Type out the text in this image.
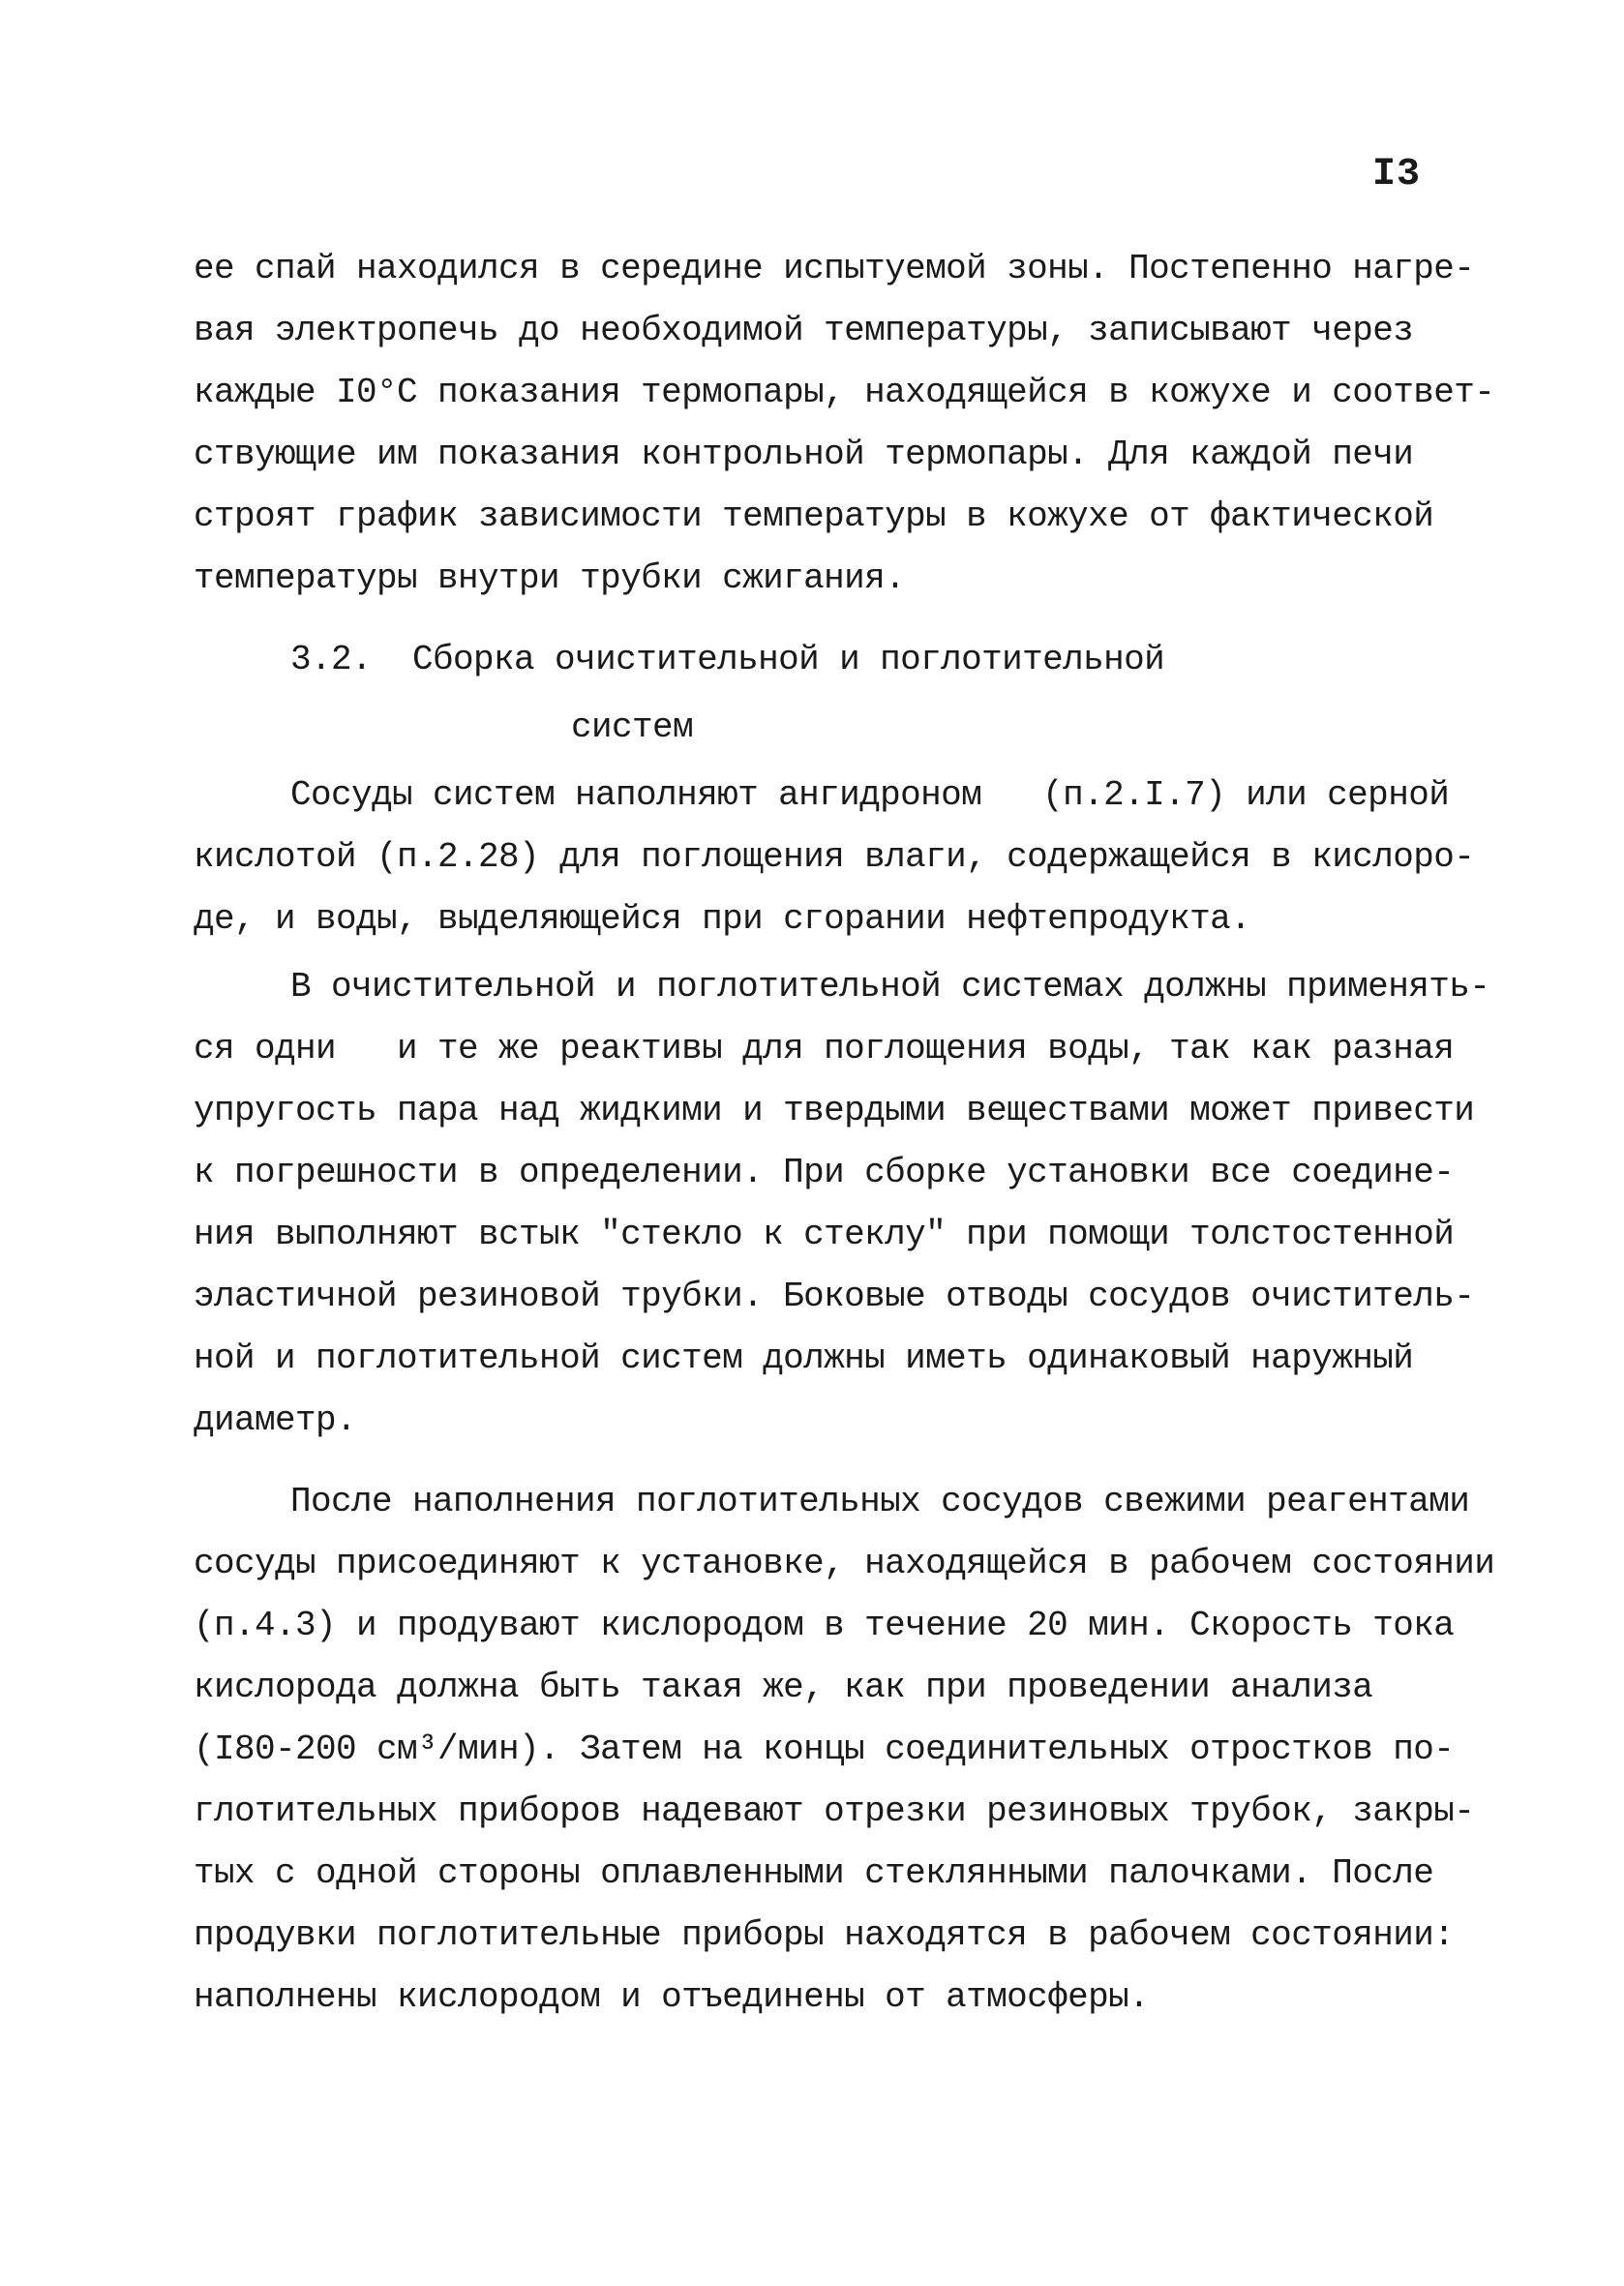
I3
ее спай находился в середине испытуемой зоны. Постепенно нагре-
вая электропечь до необходимой температуры, записывают через
каждые I0°C показания термопары, находящейся в кожухе и соответ-
ствующие им показания контрольной термопары. Для каждой печи
строят график зависимости температуры в кожухе от фактической
температуры внутри трубки сжигания.
3.2. Сборка очистительной и поглотительной
систем
Сосуды систем наполняют ангидроном   (п.2.I.7) или серной
кислотой (п.2.28) для поглощения влаги, содержащейся в кислоро-
де, и воды, выделяющейся при сгорании нефтепродукта.
В очистительной и поглотительной системах должны применять-
ся одни   и те же реактивы для поглощения воды, так как разная
упругость пара над жидкими и твердыми веществами может привести
к погрешности в определении. При сборке установки все соедине-
ния выполняют встык "стекло к стеклу" при помощи толстостенной
эластичной резиновой трубки. Боковые отводы сосудов очиститель-
ной и поглотительной систем должны иметь одинаковый наружный
диаметр.
После наполнения поглотительных сосудов свежими реагентами
сосуды присоединяют к установке, находящейся в рабочем состоянии
(п.4.3) и продувают кислородом в течение 20 мин. Скорость тока
кислорода должна быть такая же, как при проведении анализа
(I80-200 см³/мин). Затем на концы соединительных отростков по-
глотительных приборов надевают отрезки резиновых трубок, закры-
тых с одной стороны оплавленными стеклянными палочками. После
продувки поглотительные приборы находятся в рабочем состоянии:
наполнены кислородом и отъединены от атмосферы.
